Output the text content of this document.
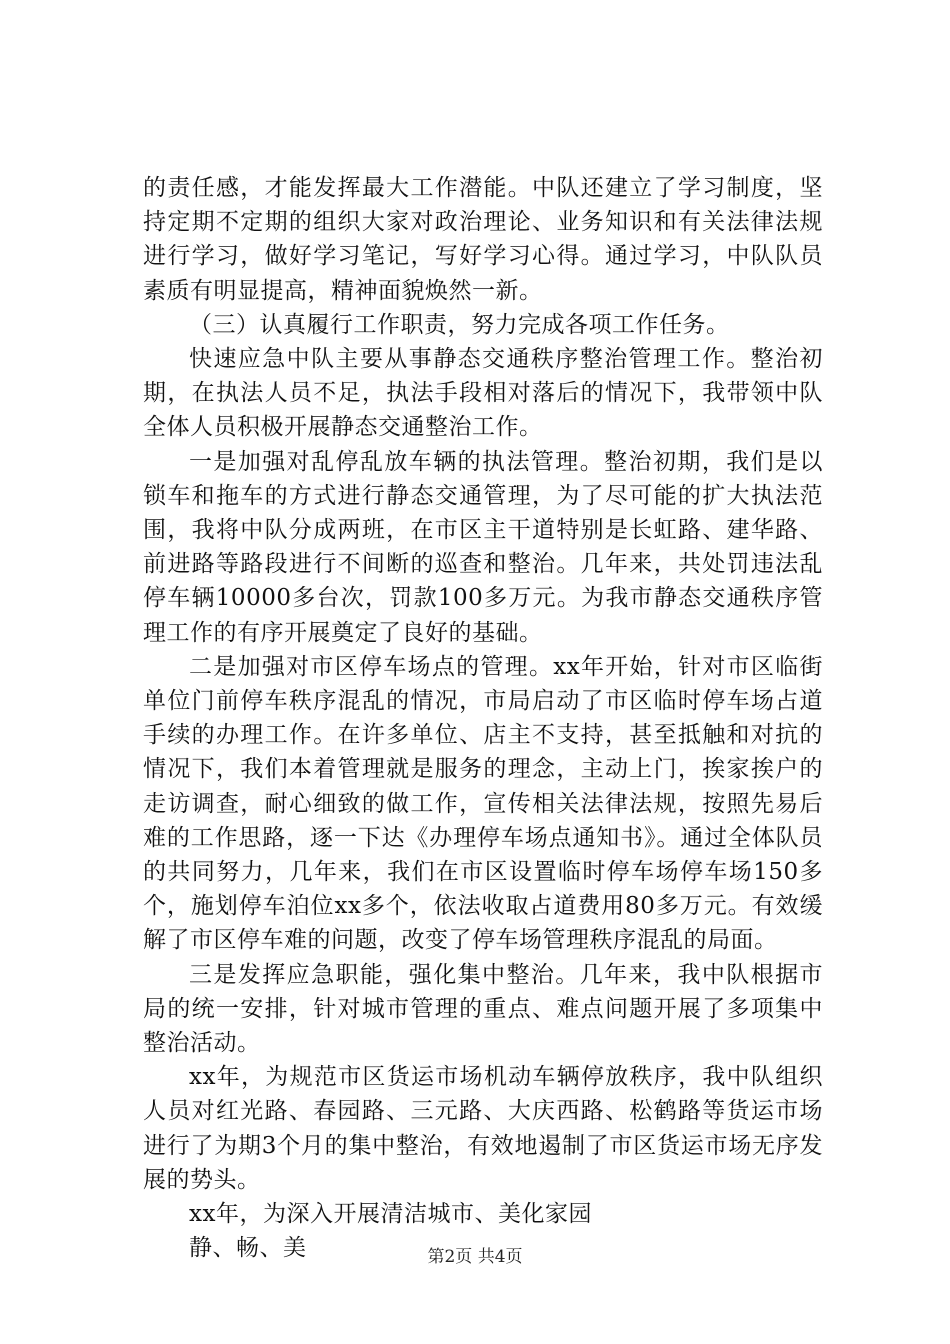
的责任感，才能发挥最大工作潜能。中队还建立了学习制度，坚持定期不定期的组织大家对政治理论、业务知识和有关法律法规进行学习，做好学习笔记，写好学习心得。通过学习，中队队员素质有明显提高，精神面貌焕然一新。

（三）认真履行工作职责，努力完成各项工作任务。

快速应急中队主要从事静态交通秩序整治管理工作。整治初期，在执法人员不足，执法手段相对落后的情况下，我带领中队全体人员积极开展静态交通整治工作。

一是加强对乱停乱放车辆的执法管理。整治初期，我们是以锁车和拖车的方式进行静态交通管理，为了尽可能的扩大执法范围，我将中队分成两班，在市区主干道特别是长虹路、建华路、前进路等路段进行不间断的巡查和整治。几年来，共处罚违法乱停车辆10000多台次，罚款100多万元。为我市静态交通秩序管理工作的有序开展奠定了良好的基础。

二是加强对市区停车场点的管理。xx年开始，针对市区临街单位门前停车秩序混乱的情况，市局启动了市区临时停车场占道手续的办理工作。在许多单位、店主不支持，甚至抵触和对抗的情况下，我们本着管理就是服务的理念，主动上门，挨家挨户的走访调查，耐心细致的做工作，宣传相关法律法规，按照先易后难的工作思路，逐一下达《办理停车场点通知书》。通过全体队员的共同努力，几年来，我们在市区设置临时停车场停车场150多个，施划停车泊位xx多个，依法收取占道费用80多万元。有效缓解了市区停车难的问题，改变了停车场管理秩序混乱的局面。

三是发挥应急职能，强化集中整治。几年来，我中队根据市局的统一安排，针对城市管理的重点、难点问题开展了多项集中整治活动。

xx年，为规范市区货运市场机动车辆停放秩序，我中队组织人员对红光路、春园路、三元路、大庆西路、松鹤路等货运市场进行了为期3个月的集中整治，有效地遏制了市区货运市场无序发展的势头。

xx年，为深入开展清洁城市、美化家园

静、畅、美	第2页 共4页
